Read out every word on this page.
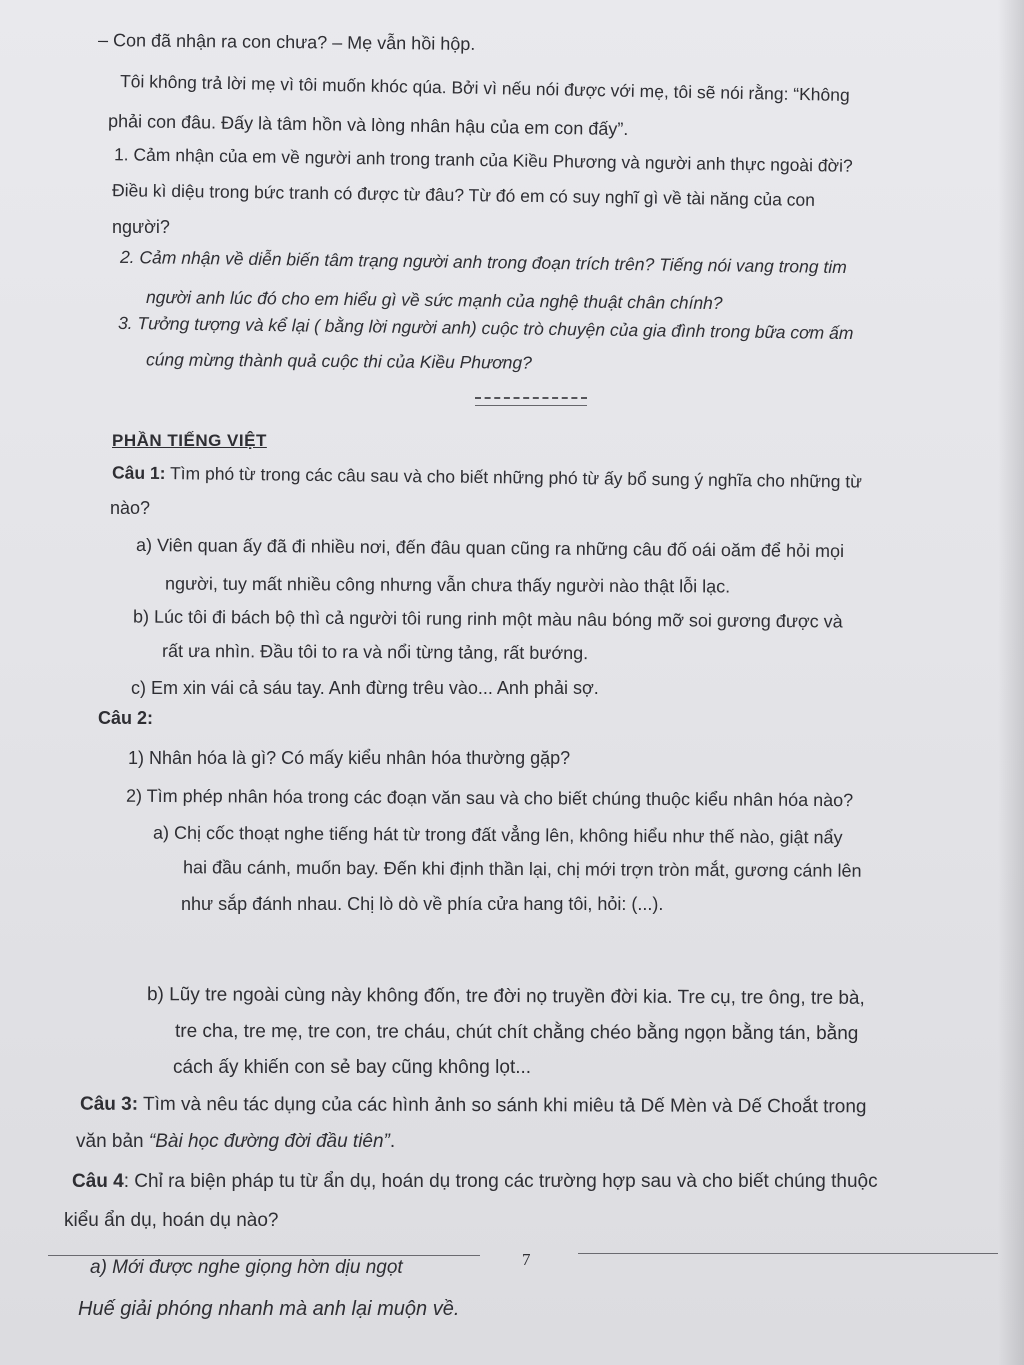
– Con đã nhận ra con chưa? – Mẹ vẫn hồi hộp.
Tôi không trả lời mẹ vì tôi muốn khóc qúa. Bởi vì nếu nói được với mẹ, tôi sẽ nói rằng: “Không
phải con đâu. Đấy là tâm hồn và lòng nhân hậu của em con đấy”.
1. Cảm nhận của em về người anh trong tranh của Kiều Phương và người anh thực ngoài đời?
Điều kì diệu trong bức tranh có được từ đâu? Từ đó em có suy nghĩ gì về tài năng của con
người?
2. Cảm nhận về diễn biến tâm trạng người anh trong đoạn trích trên? Tiếng nói vang trong tim
người anh lúc đó cho em hiểu gì về sức mạnh của nghệ thuật chân chính?
3. Tưởng tượng và kể lại ( bằng lời người anh) cuộc trò chuyện của gia đình trong bữa cơm ấm
cúng mừng thành quả cuộc thi của Kiều Phương?
PHẦN TIẾNG VIỆT
Câu 1: Tìm phó từ trong các câu sau và cho biết những phó từ ấy bổ sung ý nghĩa cho những từ
nào?
a) Viên quan ấy đã đi nhiều nơi, đến đâu quan cũng ra những câu đố oái oăm để hỏi mọi
người, tuy mất nhiều công nhưng vẫn chưa thấy người nào thật lỗi lạc.
b) Lúc tôi đi bách bộ thì cả người tôi rung rinh một màu nâu bóng mỡ soi gương được và
rất ưa nhìn. Đầu tôi to ra và nổi từng tảng, rất bướng.
c) Em xin vái cả sáu tay. Anh đừng trêu vào... Anh phải sợ.
Câu 2:
1) Nhân hóa là gì? Có mấy kiểu nhân hóa thường gặp?
2) Tìm phép nhân hóa trong các đoạn văn sau và cho biết chúng thuộc kiểu nhân hóa nào?
a) Chị cốc thoạt nghe tiếng hát từ trong đất vẳng lên, không hiểu như thế nào, giật nẩy
hai đầu cánh, muốn bay. Đến khi định thần lại, chị mới trợn tròn mắt, gương cánh lên
như sắp đánh nhau. Chị lò dò về phía cửa hang tôi, hỏi: (...).
b) Lũy tre ngoài cùng này không đốn, tre đời nọ truyền đời kia. Tre cụ, tre ông, tre bà,
tre cha, tre mẹ, tre con, tre cháu, chút chít chằng chéo bằng ngọn bằng tán, bằng
cách ấy khiến con sẻ bay cũng không lọt...
Câu 3: Tìm và nêu tác dụng của các hình ảnh so sánh khi miêu tả Dế Mèn và Dế Choắt trong
văn bản “Bài học đường đời đầu tiên”.
Câu 4: Chỉ ra biện pháp tu từ ẩn dụ, hoán dụ trong các trường hợp sau và cho biết chúng thuộc
kiểu ẩn dụ, hoán dụ nào?
7
a) Mới được nghe giọng hờn dịu ngọt
Huế giải phóng nhanh mà anh lại muộn về.
